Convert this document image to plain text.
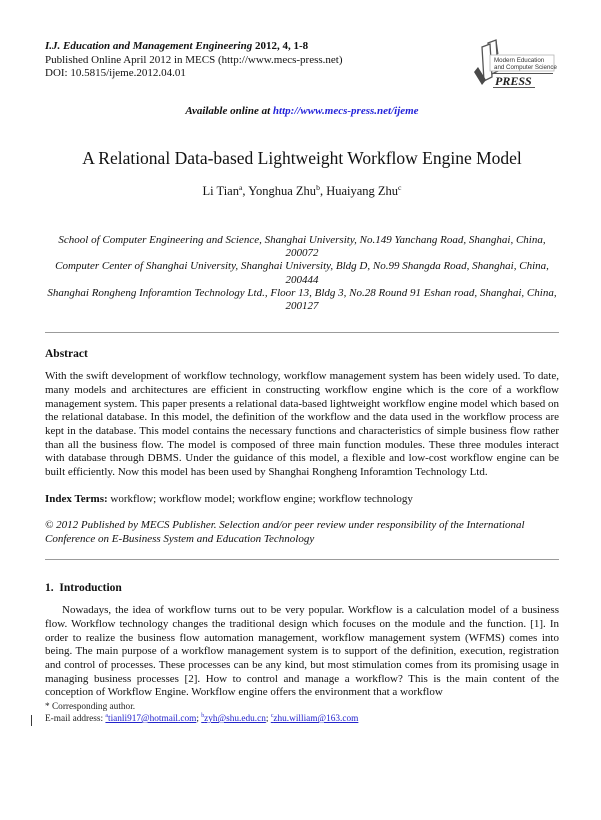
I.J. Education and Management Engineering 2012, 4, 1-8
Published Online April 2012 in MECS (http://www.mecs-press.net)
DOI: 10.5815/ijeme.2012.04.01
Modern Education
and Computer Science
PRESS
Available online at http://www.mecs-press.net/ijeme
A Relational Data-based Lightweight Workflow Engine Model
Li Tian$^a$, Yonghua Zhu$^b$, Huaiyang Zhu$^c$
School of Computer Engineering and Science, Shanghai University, No.149 Yanchang Road, Shanghai, China, 200072
Computer Center of Shanghai University, Shanghai University, Bldg D, No.99 Shangda Road, Shanghai, China, 200444
Shanghai Rongheng Inforamtion Technology Ltd., Floor 13, Bldg 3, No.28 Round 91 Eshan road, Shanghai, China, 200127
Abstract

With the swift development of workflow technology, workflow management system has been widely used. To date, many models and architectures are efficient in constructing workflow engine which is the core of a workflow management system. This paper presents a relational data-based lightweight workflow engine model which based on the relational database. In this model, the definition of the workflow and the data used in the workflow process are kept in the database. This model contains the necessary functions and characteristics of simple business flow rather than all the business flow. The model is composed of three main function modules. These three modules interact with database through DBMS. Under the guidance of this model, a flexible and low-cost workflow engine can be built efficiently. Now this model has been used by Shanghai Rongheng Inforamtion Technology Ltd.

Index Terms: workflow; workflow model; workflow engine; workflow technology

© 2012 Published by MECS Publisher. Selection and/or peer review under responsibility of the International Conference on E-Business System and Education Technology

1.  Introduction

Nowadays, the idea of workflow turns out to be very popular. Workflow is a calculation model of a business flow. Workflow technology changes the traditional design which focuses on the module and the function. [1]. In order to realize the business flow automation management, workflow management system (WFMS) comes into being. The main purpose of a workflow management system is to support of the definition, execution, registration and control of processes. These processes can be any kind, but most stimulation comes from its promising usage in managing business processes [2]. How to control and manage a workflow? This is the main content of the conception of Workflow Engine. Workflow engine offers the environment that a workflow

* Corresponding author.
E-mail address: $^a$tianli917@hotmail.com; $^b$zyh@shu.edu.cn; $^c$zhu.william@163.com
